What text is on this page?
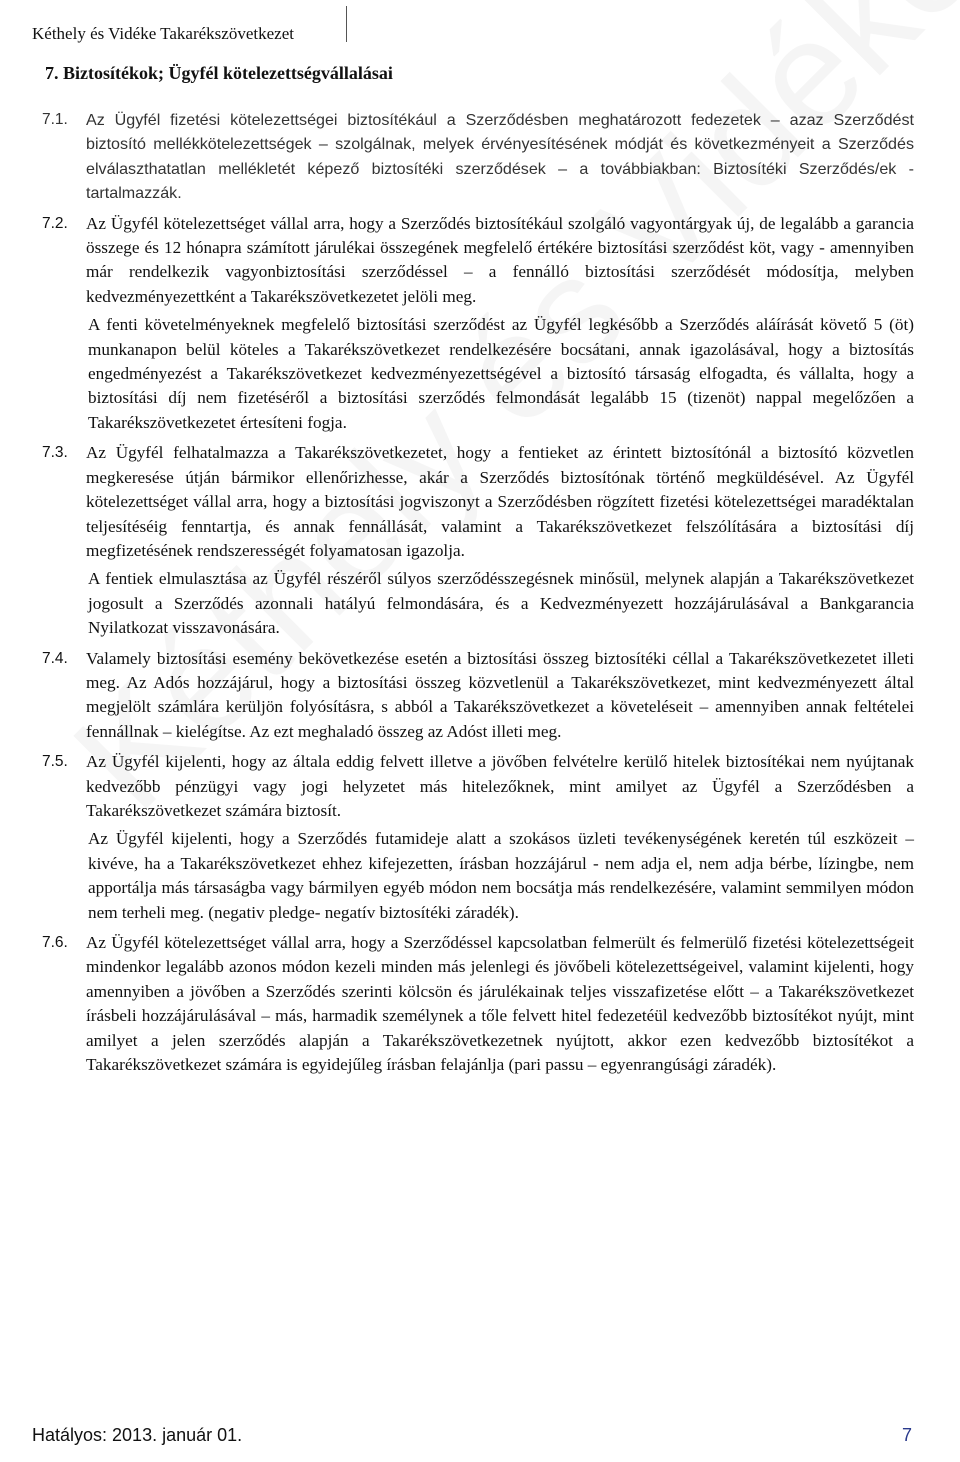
Kéthely és Vidéke Takarékszövetkezet
7. Biztosítékok; Ügyfél kötelezettségvállalásai

7.1. Az Ügyfél fizetési kötelezettségei biztosítékául a Szerződésben meghatározott fedezetek – azaz Szerződést biztosító mellékkötelezettségek – szolgálnak, melyek érvényesítésének módját és következményeit a Szerződés elválaszthatatlan mellékletét képező biztosítéki szerződések – a továbbiakban: Biztosítéki Szerződés/ek - tartalmazzák.

7.2. Az Ügyfél kötelezettséget vállal arra, hogy a Szerződés biztosítékául szolgáló vagyontárgyak új, de legalább a garancia összege és 12 hónapra számított járulékai összegének megfelelő értékére biztosítási szerződést köt, vagy - amennyiben már rendelkezik vagyonbiztosítási szerződéssel – a fennálló biztosítási szerződését módosítja, melyben kedvezményezettként a Takarékszövetkezetet jelöli meg.

A fenti követelményeknek megfelelő biztosítási szerződést az Ügyfél legkésőbb a Szerződés aláírását követő 5 (öt) munkanapon belül köteles a Takarékszövetkezet rendelkezésére bocsátani, annak igazolásával, hogy a biztosítás engedményezést a Takarékszövetkezet kedvezményezettségével a biztosító társaság elfogadta, és vállalta, hogy a biztosítási díj nem fizetéséről a biztosítási szerződés felmondását legalább 15 (tizenöt) nappal megelőzően a Takarékszövetkezetet értesíteni fogja.

7.3. Az Ügyfél felhatalmazza a Takarékszövetkezetet, hogy a fentieket az érintett biztosítónál a biztosító közvetlen megkeresése útján bármikor ellenőrizhesse, akár a Szerződés biztosítónak történő megküldésével. Az Ügyfél kötelezettséget vállal arra, hogy a biztosítási jogviszonyt a Szerződésben rögzített fizetési kötelezettségei maradéktalan teljesítéséig fenntartja, és annak fennállását, valamint a Takarékszövetkezet felszólítására a biztosítási díj megfizetésének rendszerességét folyamatosan igazolja.

A fentiek elmulasztása az Ügyfél részéről súlyos szerződésszegésnek minősül, melynek alapján a Takarékszövetkezet jogosult a Szerződés azonnali hatályú felmondására, és a Kedvezményezett hozzájárulásával a Bankgarancia Nyilatkozat visszavonására.

7.4. Valamely biztosítási esemény bekövetkezése esetén a biztosítási összeg biztosítéki céllal a Takarékszövetkezetet illeti meg. Az Adós hozzájárul, hogy a biztosítási összeg közvetlenül a Takarékszövetkezet, mint kedvezményezett által megjelölt számlára kerüljön folyósításra, s abból a Takarékszövetkezet a követeléseit – amennyiben annak feltételei fennállnak – kielégítse. Az ezt meghaladó összeg az Adóst illeti meg.

7.5. Az Ügyfél kijelenti, hogy az általa eddig felvett illetve a jövőben felvételre kerülő hitelek biztosítékai nem nyújtanak kedvezőbb pénzügyi vagy jogi helyzetet más hitelezőknek, mint amilyet az Ügyfél a Szerződésben a Takarékszövetkezet számára biztosít.

Az Ügyfél kijelenti, hogy a Szerződés futamideje alatt a szokásos üzleti tevékenységének keretén túl eszközeit – kivéve, ha a Takarékszövetkezet ehhez kifejezetten, írásban hozzájárul - nem adja el, nem adja bérbe, lízingbe, nem apportálja más társaságba vagy bármilyen egyéb módon nem bocsátja más rendelkezésére, valamint semmilyen módon nem terheli meg. (negativ pledge- negatív biztosítéki záradék).

7.6. Az Ügyfél kötelezettséget vállal arra, hogy a Szerződéssel kapcsolatban felmerült és felmerülő fizetési kötelezettségeit mindenkor legalább azonos módon kezeli minden más jelenlegi és jövőbeli kötelezettségeivel, valamint kijelenti, hogy amennyiben a jövőben a Szerződés szerinti kölcsön és járulékainak teljes visszafizetése előtt – a Takarékszövetkezet írásbeli hozzájárulásával – más, harmadik személynek a tőle felvett hitel fedezetéül kedvezőbb biztosítékot nyújt, mint amilyet a jelen szerződés alapján a Takarékszövetkezetnek nyújtott, akkor ezen kedvezőbb biztosítékot a Takarékszövetkezet számára is egyidejűleg írásban felajánlja (pari passu – egyenrangúsági záradék).

Hatályos: 2013. január 01.	7
